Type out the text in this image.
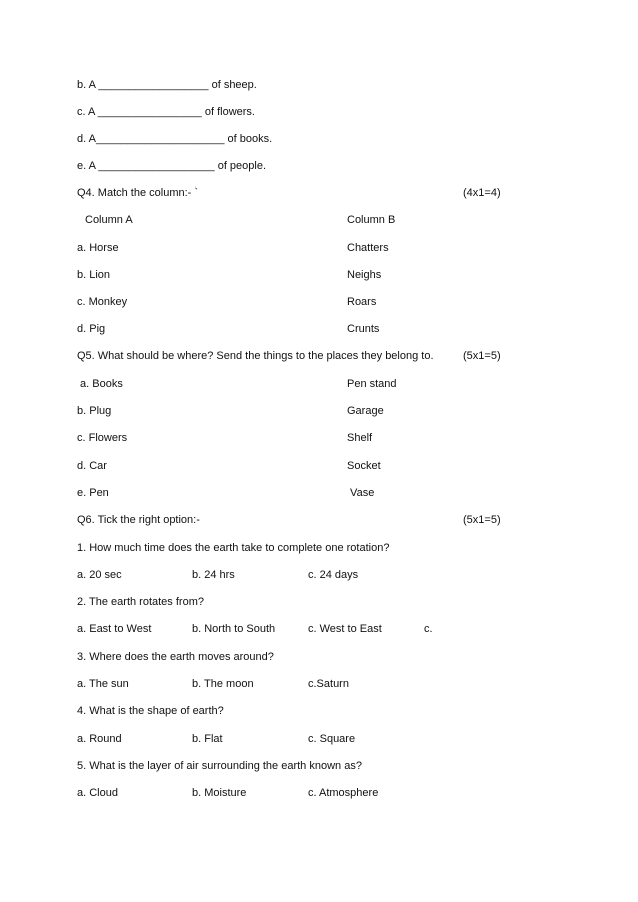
b. A __________________ of sheep.
c. A _________________ of flowers.
d. A_____________________ of books.
e. A ___________________ of people.
Q4. Match the column:- `	(4x1=4)
Column A	Column B
a. Horse	Chatters
b. Lion	Neighs
c. Monkey	Roars
d. Pig	Crunts
Q5. What should be where? Send the things to the places they belong to.	(5x1=5)
a. Books	Pen stand
b. Plug	Garage
c. Flowers	Shelf
d. Car	Socket
e. Pen	Vase
Q6. Tick the right option:-	(5x1=5)
1. How much time does the earth take to complete one rotation?
a. 20 sec	b. 24 hrs	c. 24 days
2. The earth rotates from?
a. East to West	b. North to South	c. West to East	c.
3. Where does the earth moves around?
a. The sun	b. The moon	c.Saturn
4. What is the shape of earth?
a. Round	b. Flat	c. Square
5. What is the layer of air surrounding the earth known as?
a. Cloud	b. Moisture	c. Atmosphere
